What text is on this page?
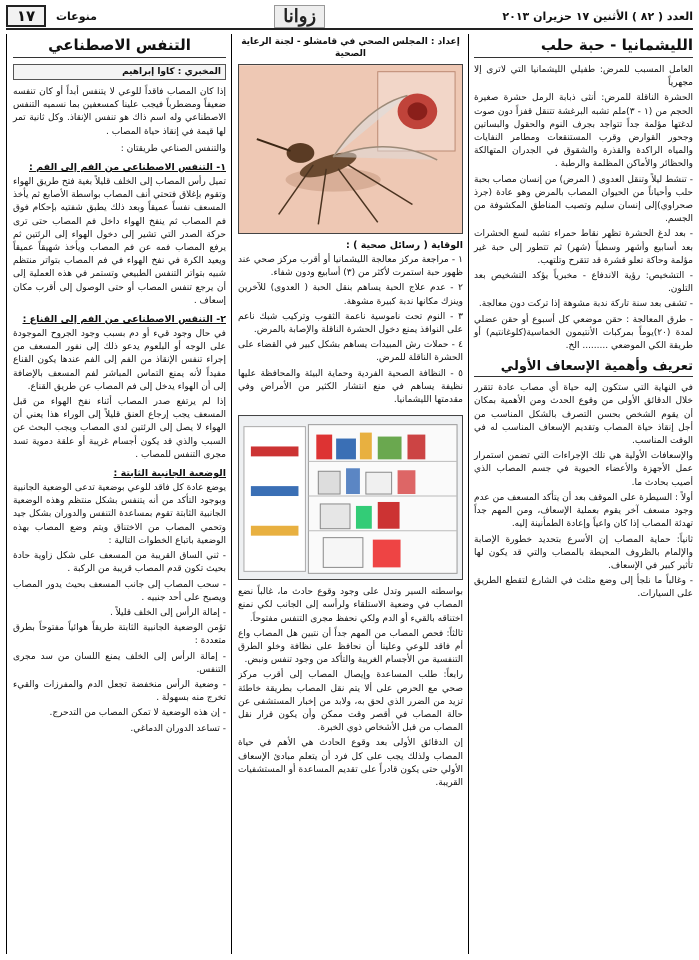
١٧	منوعات	زوانا	العدد ( ٨٢ ) الأثنين ١٧ حزيران ٢٠١٣
الليشمانيا - حبة حلب

العامل المسبب للمرض: طفيلي الليشمانيا التي لاترى إلا مجهرياً

الحشرة الناقلة للمرض: أنثى ذبابة الرمل حشرة صغيرة الحجم من (١ - ٣)ملم تشبه البرغشة تتنقل قفزاً دون صوت لدغتها مؤلمة جداً تتواجد بجرف النوم والحقول والبساتين وجحور القوارض وقرب المستنقعات ومطامر النفايات والمياه الراكدة والقذرة والشقوق في الجدران المتهالكة والحظائر والأماكن المظلمة والرطبة .

- تنشط ليلاً وتنقل العدوى ( المرض) من إنسان مصاب بحبة حلب وأحياناً من الحيوان المصاب بالمرض وهو عادة (جرذ صحراوي)إلى إنسان سليم وتصيب المناطق المكشوفة من الجسم.

- بعد لدغ الحشرة تظهر نقاط حمراء تشبه لسع الحشرات بعد أسابيع وأشهر وسطياً (شهر) ثم تتطور إلى حبة غير مؤلمة وحاكة تعلو قشرة قد تتقرح وتلتهب.

- التشخيص: رؤية الاندفاع - مخبرياً يؤكد التشخيص بعد التلون.

- تشفى بعد سنة تاركة ندبة مشوهة إذا تركت دون معالجة.

- طرق المعالجة : حقن موضعي كل أسبوع أو حقن عضلي لمدة (٢٠)يوماً بمركبات الأنتيمون الخماسية(كلوغانتيم) أو طريقة الكي الموضعي ......... الخ.

تعريف وأهمية الإسعاف الأولي

في النهاية التي ستكون إليه حياة أي مصاب عادة تتقرر خلال الدقائق الأولى من وقوع الحدث ومن الأهمية بمكان أن يقوم الشخص بحسن التصرف بالشكل المناسب من أجل إنقاذ حياة المصاب وتقديم الإسعاف المناسب له في الوقت المناسب.

والإسعافات الأولية هي تلك الإجراءات التي تضمن استمرار عمل الأجهزة والأعضاء الحيوية في جسم المصاب الذي أصيب بحادث ما.

أولاً : السيطرة على الموقف بعد أن يتأكد المسعف من عدم وجود مسعف آخر يقوم بعملية الإسعاف، ومن المهم جداً تهدئة المصاب إذا كان واعياً وإعادة الطمأنينة إليه.

ثانياً: حماية المصاب إن الأسرع بتحديد خطورة الإصابة والإلمام بالظروف المحيطة بالمصاب والتي قد يكون لها تأثير كبير في الإسعاف.

- وغالباً ما نلجأ إلى وضع مثلث في الشارع لتقطع الطريق على السيارات.

إعداد : المجلس الصحي في قامشلو - لجنة الرعاية الصحية
الوقاية ( رسائل صحية ) :

١ - مراجعة مركز معالجة الليشمانيا أو أقرب مركز صحي عند ظهور حبة استمرت لأكثر من (٣) أسابيع ودون شفاء.

٢ - عدم علاج الحبة يساهم بنقل الحبة ( العدوى) للآخرين وينزك مكانها ندبة كبيرة مشوهة.

٣ - النوم تحت ناموسية ناعمة الثقوب وتركيب شبك ناعم على النوافذ يمنع دخول الحشرة الناقلة والإصابة بالمرض.

٤ - حملات رش المبيدات يساهم بشكل كبير في القضاء على الحشرة الناقلة للمرض.

٥ - النظافة الصحية الفردية وحماية البيئة والمحافظة عليها نظيفة يساهم في منع انتشار الكثير من الأمراض وفي مقدمتها الليشمانيا.

بواسطته السير وتدل على وجود وقوع حادث ما، غالباً نضع المصاب في وضعية الاستلقاء ولرأسه إلى الجانب لكي نمنع اختناقه بالقيء أو الدم ولكي نحفظ مجرى التنفس مفتوحاً.

ثالثاً: فحص المصاب من المهم جداً أن نتبين هل المصاب واع أم فاقد للوعي وعلينا أن نحافظ على نظافة وخلو الطرق التنفسية من الأجسام الغريبة والتأكد من وجود تنفس ونبض.

رابعاً: طلب المساعدة وإيصال المصاب إلى أقرب مركز صحي مع الحرص على ألا يتم نقل المصاب بطريقة خاطئة تزيد من الضرر الذي لحق به، ولابد من إخبار المستشفى عن حالة المصاب في أقصر وقت ممكن وأن يكون قرار نقل المصاب من قبل الأشخاص ذوي الخبرة.

إن الدقائق الأولى بعد وقوع الحادث هي الأهم في حياة المصاب ولذلك يجب على كل فرد أن يتعلم مبادئ الإسعاف الأولي حتى يكون قادراً على تقديم المساعدة أو المستشفيات القريبة.

التنفس الاصطناعي
المخبري : كاوا إبراهيم

إذا كان المصاب فاقداً للوعي لا يتنفس أبداً أو كان تنفسه ضعيفاً ومضطرباً فيجب علينا كمسعفين بما نسميه التنفس الاصطناعي وله اسم ذاك هو تنفس الإنقاذ. وكل ثانية تمر لها قيمة في إنقاذ حياة المصاب .

والتنفس الصناعي طريقتان :

١- التنفس الاصطناعي من الفم إلى الفم :

تميل رأس المصاب إلى الخلف قليلاً بغية فتح طريق الهواء وتقوم بإغلاق فتحتي أنف المصاب بواسطة الأصابع ثم يأخذ المسعف نفساً عميقاً وبعد ذلك يطبق شفتيه بإحكام فوق فم المصاب ثم ينفخ الهواء داخل فم المصاب حتى ترى حركة الصدر التي تشير إلى دخول الهواء إلى الرئتين ثم يرفع المصاب فمه عن فم المصاب ويأخذ شهيقاً عميقاً ويعيد الكرة في نفخ الهواء في فم المصاب بتواتر منتظم شبيه بتواتر التنفس الطبيعي وتستمر في هذه العملية إلى أن يرجع تنفس المصاب أو حتى الوصول إلى أقرب مكان إسعاف .

٢- التنفس الاصطناعي من الفم إلى القناع :

في حال وجود قيء أو دم بسبب وجود الجروح الموجودة على الوجه أو البلعوم يدعو ذلك إلى نفور المسعف من إجراء تنفس الإنقاذ من الفم إلى الفم عندها يكون القناع مفيداً لأنه يمنع التماس المباشر لفم المسعف بالإضافة إلى أن الهواء يدخل إلى فم المصاب عن طريق القناع.

إذا لم يرتفع صدر المصاب أثناء نفخ الهواء من قبل المسعف يجب إرجاع العنق قليلاً إلى الوراء هذا يعني أن الهواء لا يصل إلى الرئتين لدى المصاب ويجب البحث عن السبب والذي قد يكون أجسام غريبة أو علقة دموية تسد مجرى التنفس للمصاب .

الوضعية الجانبية الثابتة :

يوضع عادة كل فاقد للوعي بوضعية تدعى الوضعية الجانبية وبوجود التأكد من أنه يتنفس بشكل منتظم وهذه الوضعية الجانبية الثابتة تقوم بمساعدة التنفس والدوران بشكل جيد وتحمي المصاب من الاختناق ويتم وضع المصاب بهذه الوضعية باتباع الخطوات التالية :

- ثني الساق القريبة من المسعف على شكل زاوية حادة بحيث تكون قدم المصاب قريبة من الركبة .

- سحب المصاب إلى جانب المسعف بحيث يدور المصاب ويصبح على أحد جنبيه .

- إمالة الرأس إلى الخلف قليلاً .

تؤمن الوضعية الجانبية الثابتة طريقاً هوائياً مفتوحاً بطرق متعددة :

- إمالة الرأس إلى الخلف يمنع اللسان من سد مجرى التنفس.

- وضعية الرأس منخفضة تجعل الدم والمفرزات والقيء تخرج منه بسهولة .

- إن هذه الوضعية لا تمكن المصاب من التدحرج.

- تساعد الدوران الدماغي.
